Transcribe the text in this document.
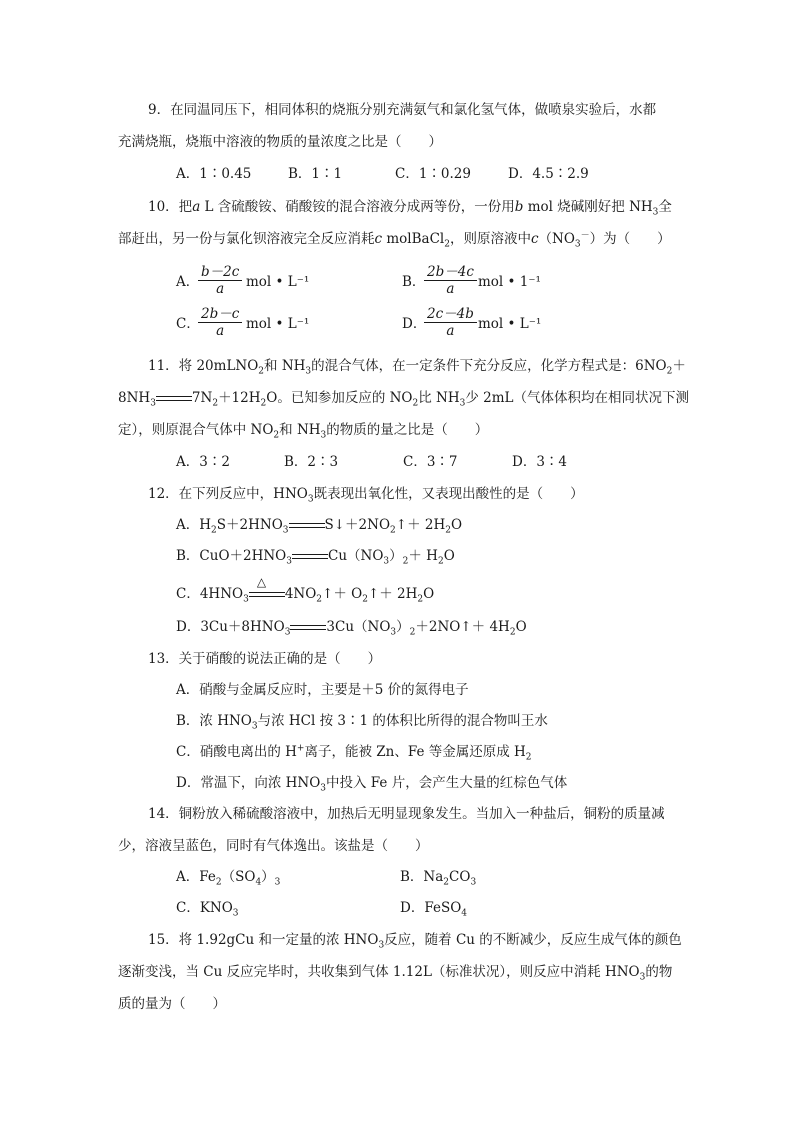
9．在同温同压下，相同体积的烧瓶分别充满氨气和氯化氢气体，做喷泉实验后，水都
充满烧瓶，烧瓶中溶液的物质的量浓度之比是（　　）
A．1∶0.45	B．1∶1	C．1∶0.29	D．4.5∶2.9
10．把a L 含硫酸铵、硝酸铵的混合溶液分成两等份，一份用b mol 烧碱刚好把 $NH_3$全
部赶出，另一份与氯化钡溶液完全反应消耗c molBaCl$_2$，则原溶液中$c(NO_3^-)$为（　　）
A．
$\frac{b-2c}{a}$ mol • L⁻¹	B．
$\frac{2b-4c}{a}$ mol • 1⁻¹
C．
$\frac{2b-c}{a}$ mol • L⁻¹	D．
$\frac{2c-4b}{a}$ mol • L⁻¹
11．将 20mLNO$_2$和 $NH_3$的混合气体，在一定条件下充分反应，化学方程式是：$6NO_2+$
$8NH_3$	$7N_2+12H_2O$。已知参加反应的 $NO_2$比 $NH_3$少 2mL（气体体积均在相同状况下测
定），则原混合气体中 $NO_2$和 $NH_3$的物质的量之比是（　　）
A．3∶2	B．2∶3	C．3∶7	D．3∶4
12．在下列反应中，$HNO_3$既表现出氧化性，又表现出酸性的是（　　）
A．$H_2S+2HNO_3$	$S↓+2NO_2↑+ 2H_2O$
B．$CuO+2HNO_3$	$Cu(NO_3)_2+ H_2O$
C．$4HNO_3$
△
$4NO_2↑+$ $O_2↑+ 2H_2O$
D．$3Cu+8HNO_3$	$3Cu(NO_3)_2+2NO↑+ 4H_2O$
13．关于硝酸的说法正确的是（　　）
A．硝酸与金属反应时，主要是＋5 价的氮得电子
B．浓 $HNO_3$与浓 HCl 按 3∶1 的体积比所得的混合物叫王水
C．硝酸电离出的 H+离子，能被 Zn、Fe 等金属还原成 $H_2$
D．常温下，向浓 $HNO_3$中投入 Fe 片，会产生大量的红棕色气体
14．铜粉放入稀硫酸溶液中，加热后无明显现象发生。当加入一种盐后，铜粉的质量减
少，溶液呈蓝色，同时有气体逸出。该盐是（　　）
A．$Fe_2(SO_4)_3$	B．$Na_2CO_3$
C．$KNO_3$	D．FeSO$_4$
15．将 1.92gCu 和一定量的浓 $HNO_3$反应，随着 Cu 的不断减少，反应生成气体的颜色
逐渐变浅，当 Cu 反应完毕时，共收集到气体 1.12L（标准状况），则反应中消耗 $HNO_3$的物
质的量为（　　）
